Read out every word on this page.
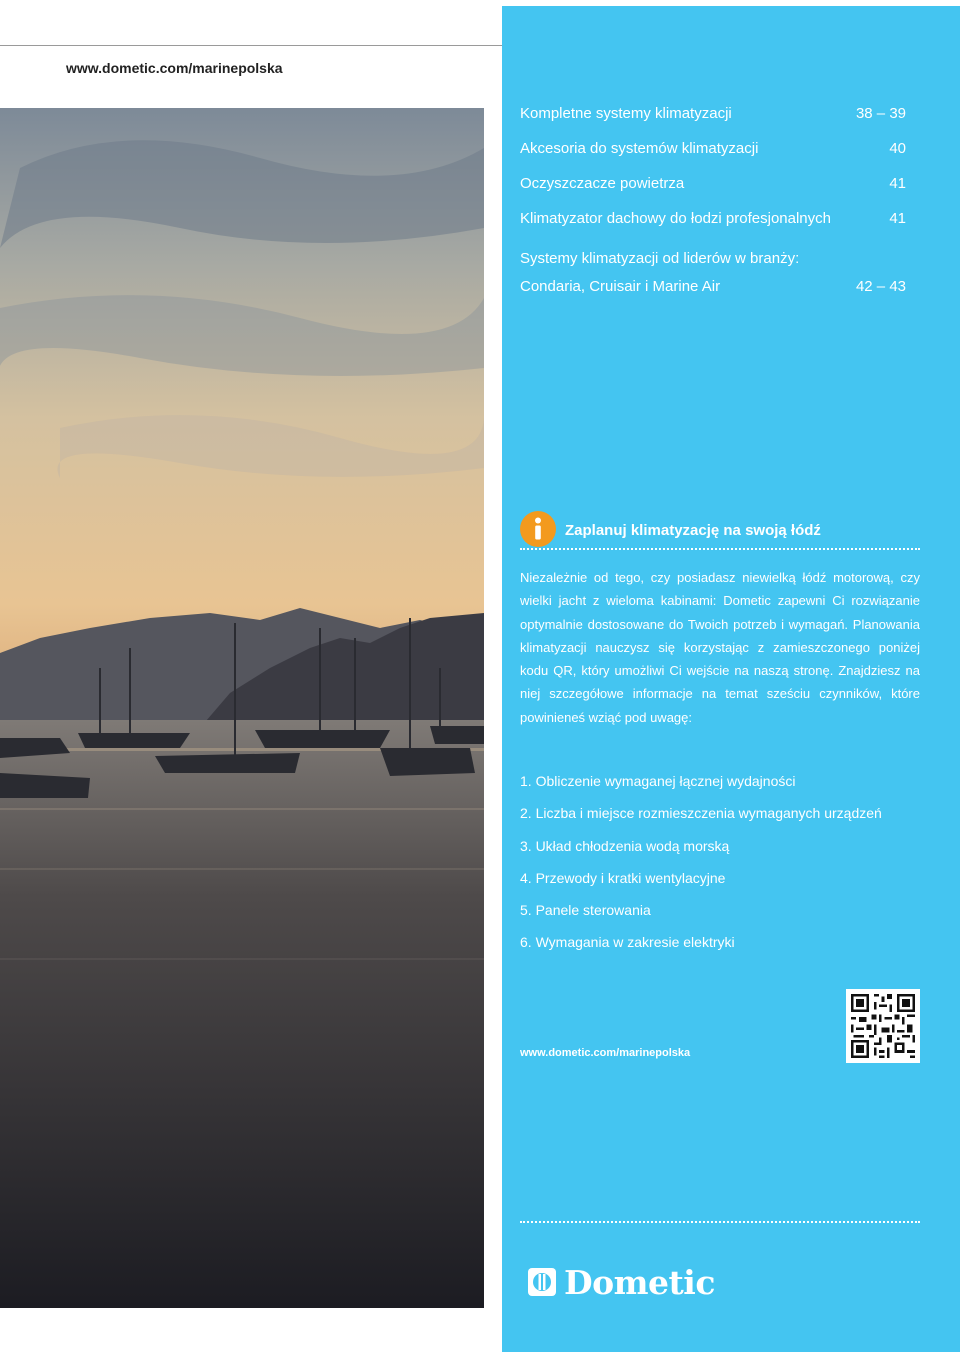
www.dometic.com/marinepolska
Kompletne systemy klimatyzacji	38 – 39
Akcesoria do systemów klimatyzacji	40
Oczyszczacze powietrza	41
Klimatyzator dachowy do łodzi profesjonalnych	41
Systemy klimatyzacji od liderów w branży:
Condaria, Cruisair i Marine Air	42 – 43
Zaplanuj klimatyzację na swoją łódź

Niezależnie od tego, czy posiadasz niewielką łódź motorową, czy wielki jacht z wieloma kabinami: Dometic zapewni Ci rozwiązanie optymalnie dostosowane do Twoich potrzeb i wymagań. Planowania klimatyzacji nauczysz się korzystając z zamieszczonego poniżej kodu QR, który umożliwi Ci wejście na naszą stronę. Znajdziesz na niej szczegółowe informacje na temat sześciu czynników, które powinieneś wziąć pod uwagę:

1. Obliczenie wymaganej łącznej wydajności
2. Liczba i miejsce rozmieszczenia wymaganych urządzeń
3. Układ chłodzenia wodą morską
4. Przewody i kratki wentylacyjne
5. Panele sterowania
6. Wymagania w zakresie elektryki
www.dometic.com/marinepolska
Dometic
